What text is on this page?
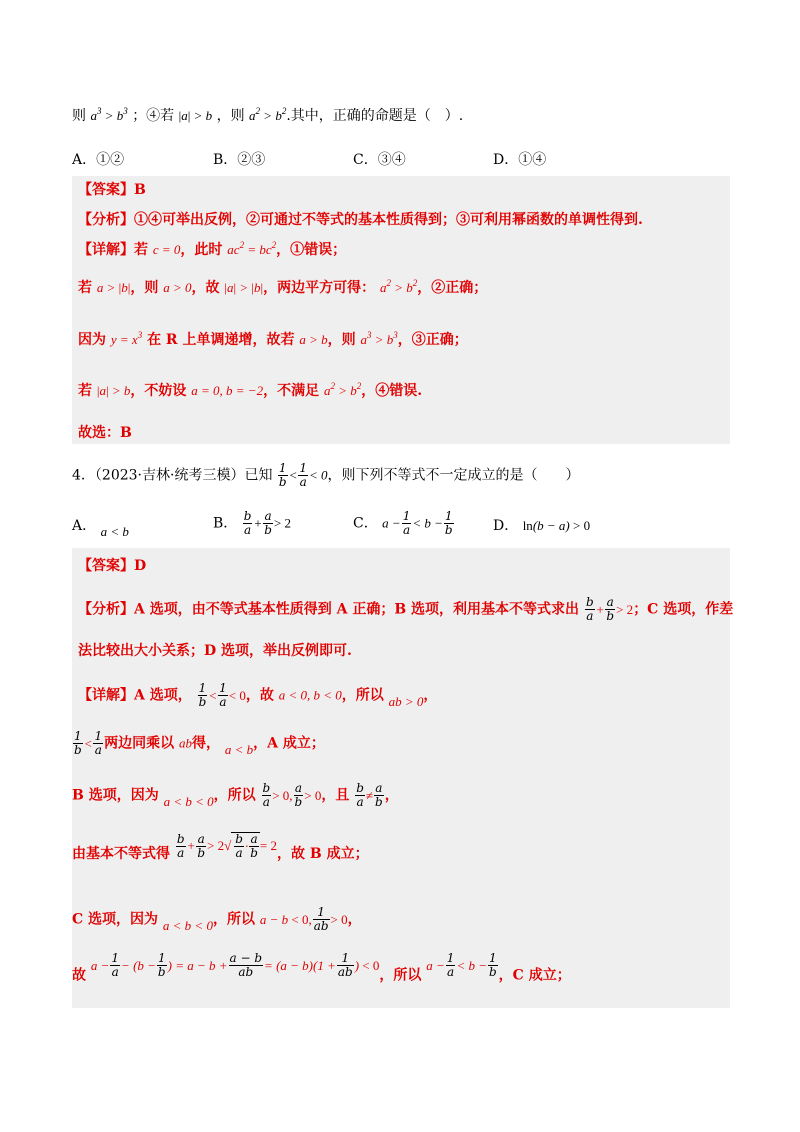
则 $a^3 > b^3$ ；④若 |a| > b ，则 $a^2 > b^2$.其中，正确的命题是（　）.
A．①②	B．②③	C．③④	D．①④
【答案】B
【分析】①④可举出反例，②可通过不等式的基本性质得到；③可利用幂函数的单调性得到.
【详解】若 c = 0，此时 $ac^2 = bc^2$，①错误；
若 a > |b|，则 a > 0，故 |a| > |b|，两边平方可得： $a^2 > b^2$，②正确；
因为 $y = x^3$ 在 R 上单调递增，故若 a > b，则 $a^3 > b^3$，③正确；
若 |a| > b，不妨设 a = 0, b = −2，不满足 $a^2 > b^2$，④错误.
故选：B
4．（2023·吉林·统考三模）已知 $\frac{1}{b} < \frac{1}{a} < 0$，则下列不等式不一定成立的是（　　）
A． a < b	B． $\frac{b}{a} + \frac{a}{b} > 2$	C． $a - \frac{1}{a} < b - \frac{1}{b}$	D． ln(b − a) > 0
【答案】D
【分析】A 选项，由不等式基本性质得到 A 正确；B 选项，利用基本不等式求出 $\frac{b}{a} + \frac{a}{b} > 2$；C 选项，作差
法比较出大小关系；D 选项，举出反例即可.
【详解】A 选项， $\frac{1}{b} < \frac{1}{a} < 0$，故 a < 0, b < 0，所以 ab > 0，
$\frac{1}{b} < \frac{1}{a}$ 两边同乘以 ab得， a < b，A 成立；
B 选项，因为 a < b < 0，所以 $\frac{b}{a} > 0$, $\frac{a}{b} > 0$，且 $\frac{b}{a} \ne \frac{a}{b}$ ，
由基本不等式得 $\frac{b}{a} + \frac{a}{b} > 2√ \frac{b}{a} \cdot \frac{a}{b} = 2$，故 B 成立；
C 选项，因为 a < b < 0，所以 a − b < 0, $\frac{1}{ab} > 0$，
故 $a - \frac{1}{a} - (b - \frac{1}{b}$ ) = $a - b + \frac{a - b}{ab} = (a - b)(1 + \frac{1}{ab}$ ) < 0，所以 $a - \frac{1}{a} < b - \frac{1}{b}$ ，C 成立；
